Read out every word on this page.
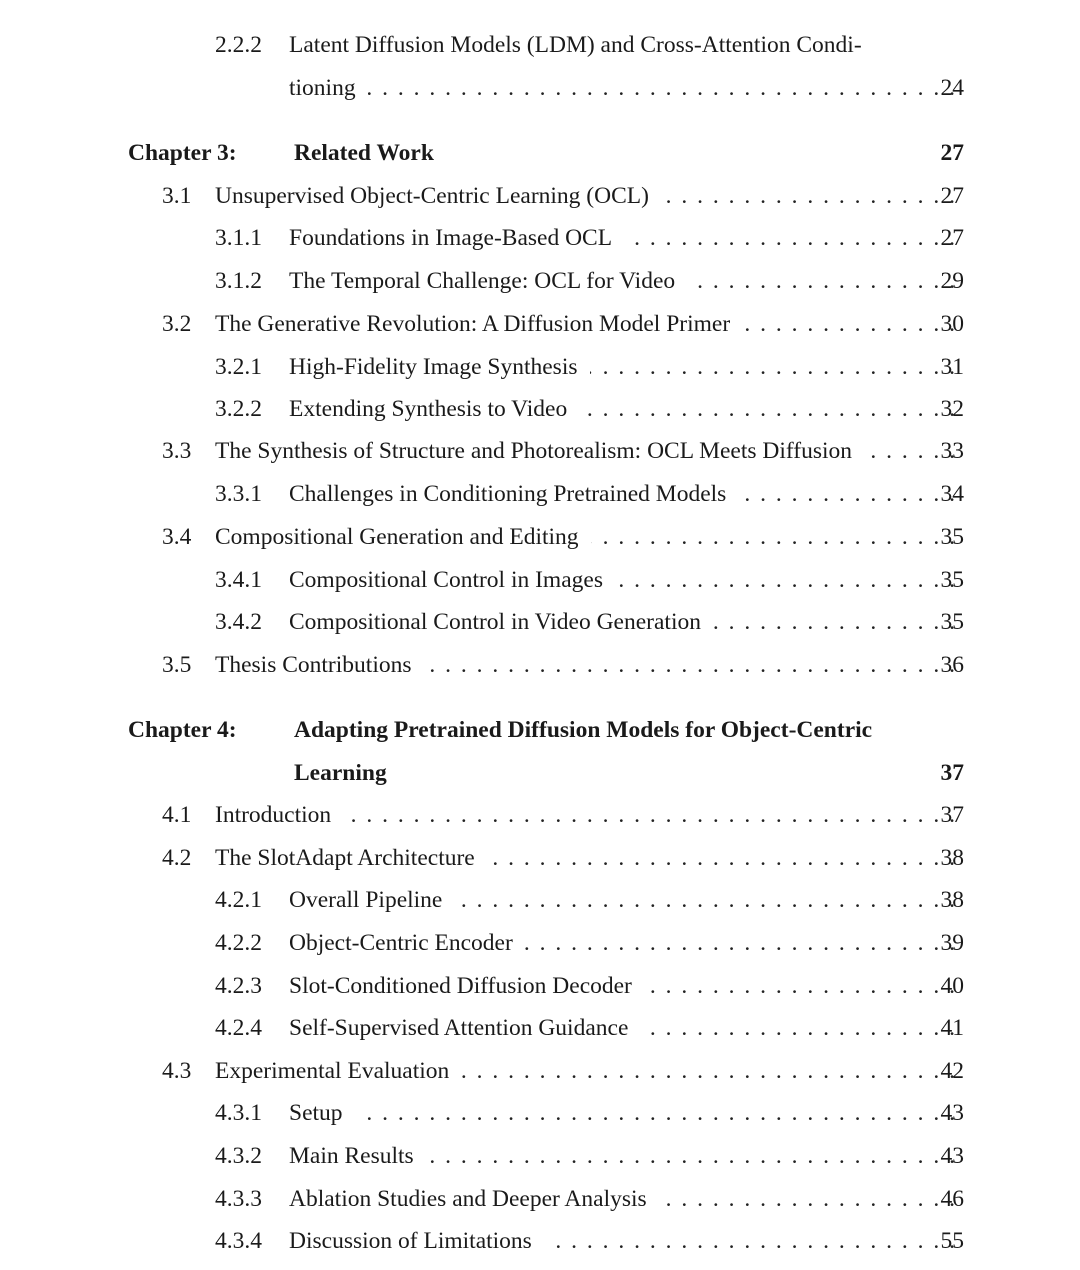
2.2.2 Latent Diffusion Models (LDM) and Cross-Attention Condi-
tioning . . .	24
Chapter 3: Related Work	27
3.1 Unsupervised Object-Centric Learning (OCL) . . .	27
3.1.1 Foundations in Image-Based OCL . . .	27
3.1.2 The Temporal Challenge: OCL for Video . . .	29
3.2 The Generative Revolution: A Diffusion Model Primer . . .	30
3.2.1 High-Fidelity Image Synthesis . . .	31
3.2.2 Extending Synthesis to Video . . .	32
3.3 The Synthesis of Structure and Photorealism: OCL Meets Diffusion . . .	33
3.3.1 Challenges in Conditioning Pretrained Models . . .	34
3.4 Compositional Generation and Editing . . .	35
3.4.1 Compositional Control in Images . . .	35
3.4.2 Compositional Control in Video Generation . . .	35
3.5 Thesis Contributions . . .	36
Chapter 4: Adapting Pretrained Diffusion Models for Object-Centric
Learning	37
4.1 Introduction . . .	37
4.2 The SlotAdapt Architecture . . .	38
4.2.1 Overall Pipeline . . .	38
4.2.2 Object-Centric Encoder . . .	39
4.2.3 Slot-Conditioned Diffusion Decoder . . .	40
4.2.4 Self-Supervised Attention Guidance . . .	41
4.3 Experimental Evaluation . . .	42
4.3.1 Setup . . .	43
4.3.2 Main Results . . .	43
4.3.3 Ablation Studies and Deeper Analysis . . .	46
4.3.4 Discussion of Limitations . . .	55
